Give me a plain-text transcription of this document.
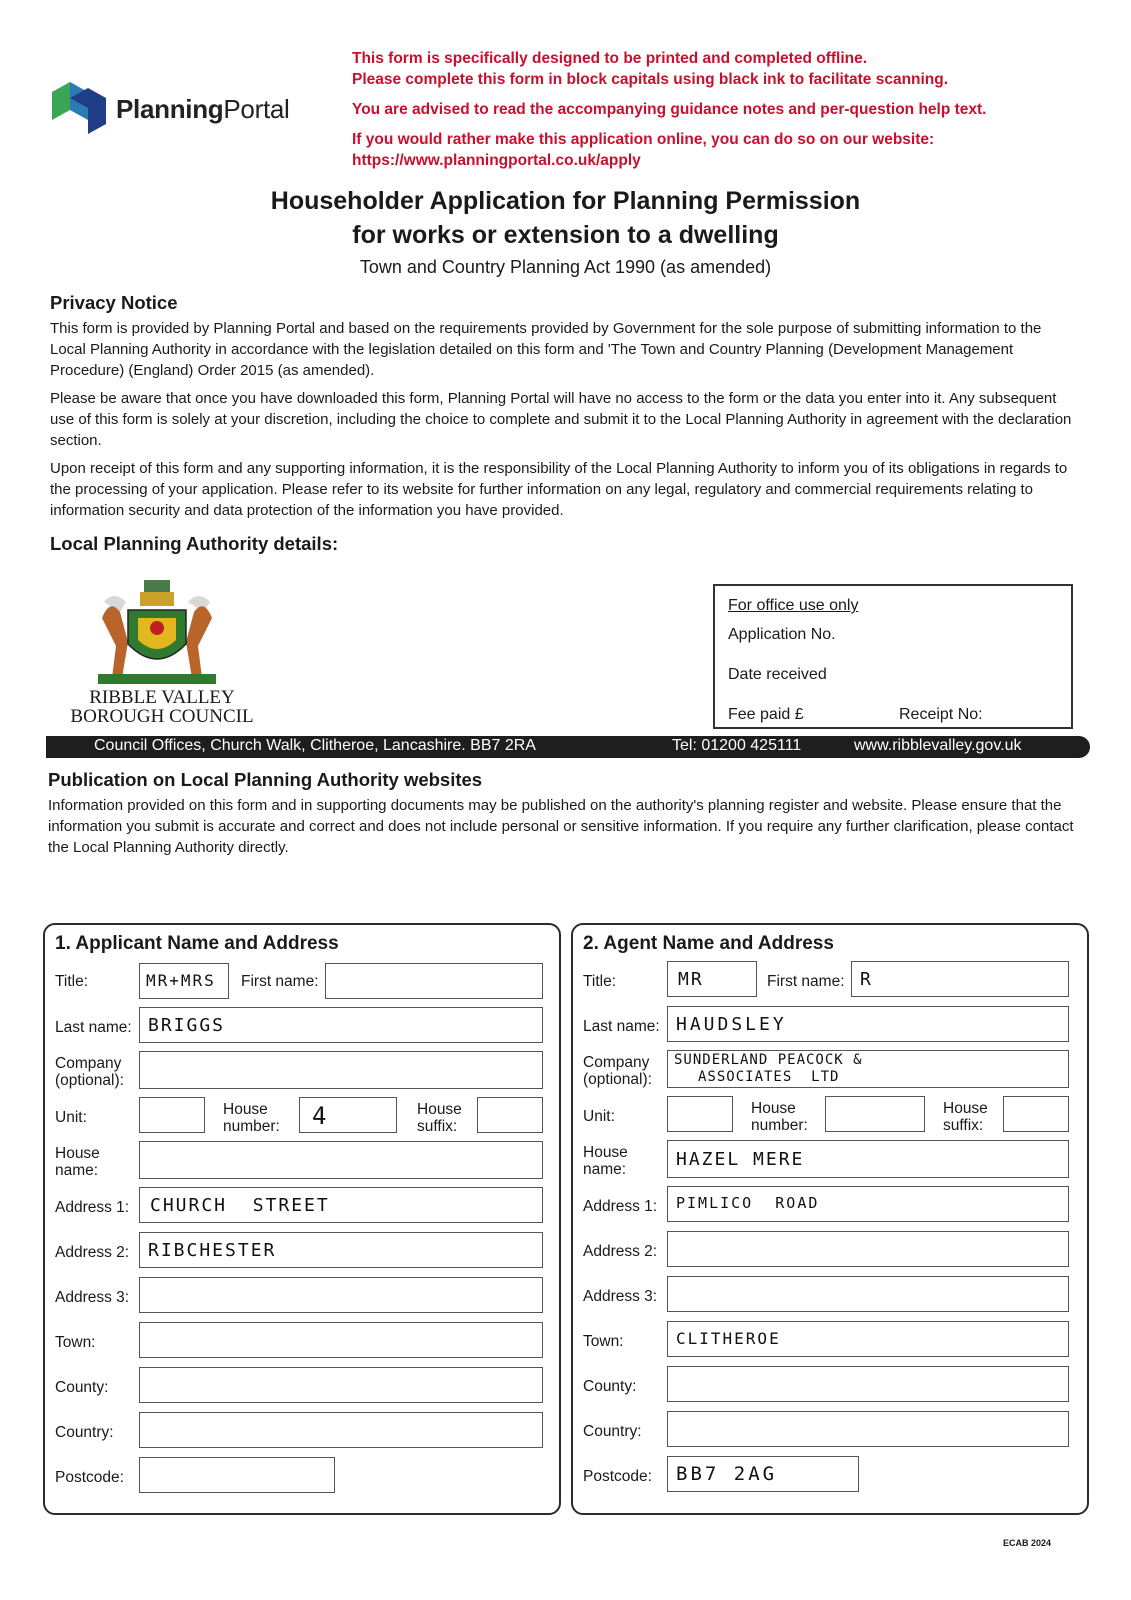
PlanningPortal
This form is specifically designed to be printed and completed offline.
Please complete this form in block capitals using black ink to facilitate scanning.
You are advised to read the accompanying guidance notes and per-question help text.
If you would rather make this application online, you can do so on our website:
https://www.planningportal.co.uk/apply
Householder Application for Planning Permission
for works or extension to a dwelling
Town and Country Planning Act 1990 (as amended)
Privacy Notice
This form is provided by Planning Portal and based on the requirements provided by Government for the sole purpose of submitting information to the Local Planning Authority in accordance with the legislation detailed on this form and 'The Town and Country Planning (Development Management Procedure) (England) Order 2015 (as amended).
Please be aware that once you have downloaded this form, Planning Portal will have no access to the form or the data you enter into it. Any subsequent use of this form is solely at your discretion, including the choice to complete and submit it to the Local Planning Authority in agreement with the declaration section.
Upon receipt of this form and any supporting information, it is the responsibility of the Local Planning Authority to inform you of its obligations in regards to the processing of your application. Please refer to its website for further information on any legal, regulatory and commercial requirements relating to information security and data protection of the information you have provided.
Local Planning Authority details:
RIBBLE VALLEY
BOROUGH COUNCIL
For office use only
Application No.
Date received
Fee paid £	Receipt No:
Council Offices, Church Walk, Clitheroe, Lancashire. BB7 2RA	Tel: 01200 425111	www.ribblevalley.gov.uk
Publication on Local Planning Authority websites
Information provided on this form and in supporting documents may be published on the authority's planning register and website. Please ensure that the information you submit is accurate and correct and does not include personal or sensitive information. If you require any further clarification, please contact the Local Planning Authority directly.
1. Applicant Name and Address
Title:	MR+MRS First name:
Last name: BRIGGS
Company
(optional):
Unit:	House
number: 4	House
suffix:
House
name:
Address 1: CHURCH  STREET
Address 2: RIBCHESTER
Address 3:
Town:
County:
Country:
Postcode:
2. Agent Name and Address
Title:	MR	First name: R
Last name: HAUDSLEY
Company
(optional):
SUNDERLAND PEACOCK &
ASSOCIATES  LTD
Unit:	House
number:
House
suffix:
House
name:	HAZEL MERE
Address 1: PIMLICO  ROAD
Address 2:
Address 3:
Town:	CLITHEROE
County:
Country:
Postcode: BB7 2AG
ECAB 2024
